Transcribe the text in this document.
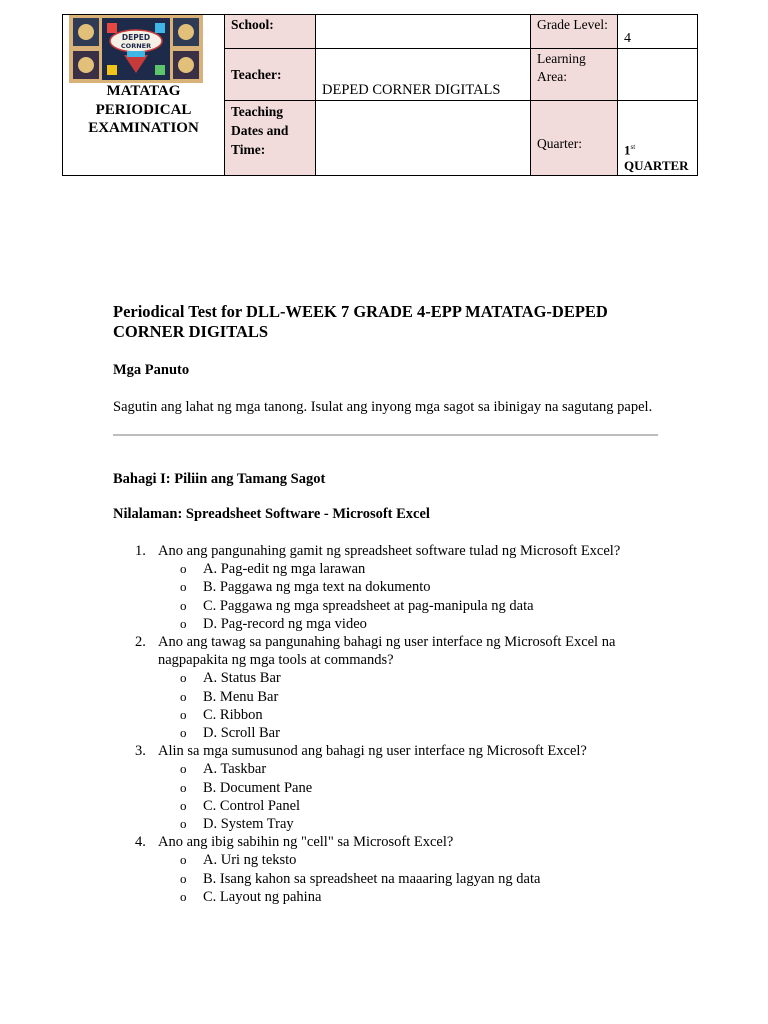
DEPED
CORNER
MATATAG
PERIODICAL
EXAMINATION	School:		Grade Level:	4
	Teacher:	DEPED CORNER DIGITALS	Learning Area:	
	Teaching Dates and Time:		Quarter:	1st
QUARTER
Periodical Test for DLL-WEEK 7 GRADE 4-EPP MATATAG-DEPED CORNER DIGITALS
Mga Panuto

Sagutin ang lahat ng mga tanong. Isulat ang inyong mga sagot sa ibinigay na sagutang papel.

Bahagi I: Piliin ang Tamang Sagot
Nilalaman: Spreadsheet Software - Microsoft Excel
1. Ano ang pangunahing gamit ng spreadsheet software tulad ng Microsoft Excel?
o A. Pag-edit ng mga larawan
o B. Paggawa ng mga text na dokumento
o C. Paggawa ng mga spreadsheet at pag-manipula ng data
o D. Pag-record ng mga video
2. Ano ang tawag sa pangunahing bahagi ng user interface ng Microsoft Excel na nagpapakita ng mga tools at commands?
o A. Status Bar
o B. Menu Bar
o C. Ribbon
o D. Scroll Bar
3. Alin sa mga sumusunod ang bahagi ng user interface ng Microsoft Excel?
o A. Taskbar
o B. Document Pane
o C. Control Panel
o D. System Tray
4. Ano ang ibig sabihin ng "cell" sa Microsoft Excel?
o A. Uri ng teksto
o B. Isang kahon sa spreadsheet na maaaring lagyan ng data
o C. Layout ng pahina
